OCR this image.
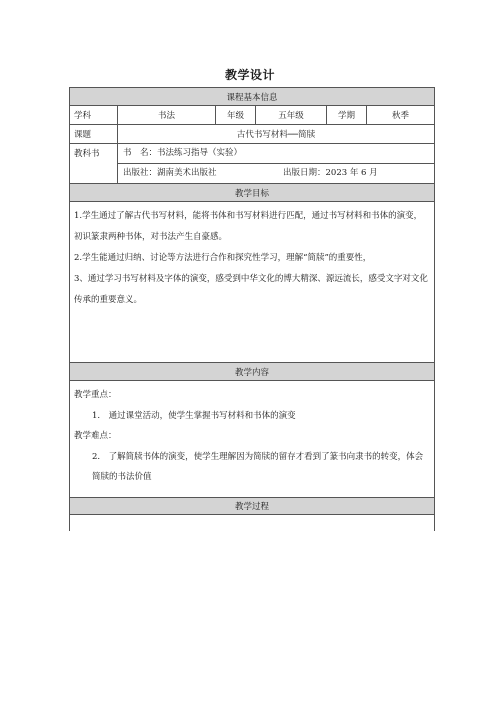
教学设计
课程基本信息					
学科	书法	年级	五年级	学期	秋季
课题	古代书写材料──简牍				
教科书	书　名：书法练习指导（实验）
出版社：湖南美术出版社 出版日期：2023 年 6 月				

教学目标					

1.学生通过了解古代书写材料，能将书体和书写材料进行匹配，通过书写材料和书体的演变，初识篆隶两种书体，对书法产生自豪感。

2.学生能通过归纳、讨论等方法进行合作和探究性学习，理解“简牍”的重要性，

3、通过学习书写材料及字体的演变，感受到中华文化的博大精深、源远流长，感受文字对文化传承的重要意义。					

教学内容					

教学重点：

1.　通过课堂活动，使学生掌握书写材料和书体的演变

教学难点：

2.　了解简牍书体的演变，使学生理解因为简牍的留存才看到了篆书向隶书的转变，体会简牍的书法价值					

教学过程					
